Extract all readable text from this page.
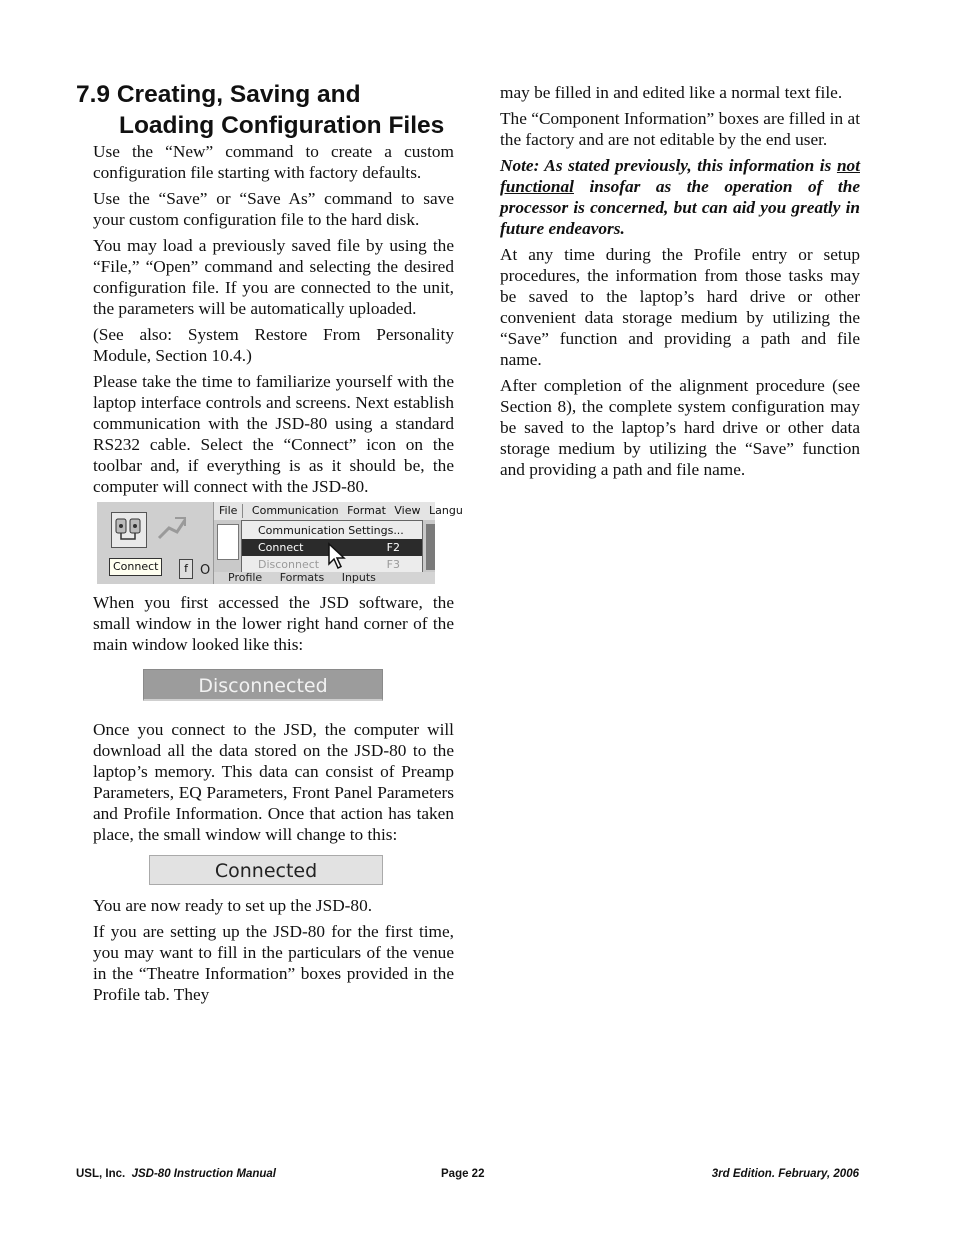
7.9 Creating, Saving and
Loading Configuration Files

Use the “New” command to create a custom configuration file starting with factory defaults.

Use the “Save” or “Save As” command to save your custom configuration file to the hard disk.

You may load a previously saved file by using the “File,” “Open” command and selecting the desired configuration file. If you are connected to the unit, the parameters will be automatically uploaded.

(See also: System Restore From Personality Module, Section 10.4.)

Please take the time to familiarize yourself with the laptop interface controls and screens. Next establish communication with the JSD-80 using a standard RS232 cable. Select the “Connect” icon on the toolbar and, if everything is as it should be, the computer will connect with the JSD-80.

Connect	f O
File Communication Format View Langu
Communication Settings...
Connect	F2
Disconnect	F3
Profile Formats Inputs

When you first accessed the JSD software, the small window in the lower right hand corner of the main window looked like this:

Disconnected

Once you connect to the JSD, the computer will download all the data stored on the JSD-80 to the laptop’s memory. This data can consist of Preamp Parameters, EQ Parameters, Front Panel Parameters and Profile Information. Once that action has taken place, the small window will change to this:

Connected

You are now ready to set up the JSD-80.

If you are setting up the JSD-80 for the first time, you may want to fill in the particulars of the venue in the “Theatre Information” boxes provided in the Profile tab. They

may be filled in and edited like a normal text file.

The “Component Information” boxes are filled in at the factory and are not editable by the end user.

Note: As stated previously, this information is not functional insofar as the operation of the processor is concerned, but can aid you greatly in future endeavors.

At any time during the Profile entry or setup procedures, the information from those tasks may be saved to the laptop’s hard drive or other convenient data storage medium by utilizing the “Save” function and providing a path and file name.

After completion of the alignment procedure (see Section 8), the complete system configuration may be saved to the laptop’s hard drive or other data storage medium by utilizing the “Save” function and providing a path and file name.

USL, Inc. JSD-80 Instruction Manual	Page 22	3rd Edition. February, 2006
